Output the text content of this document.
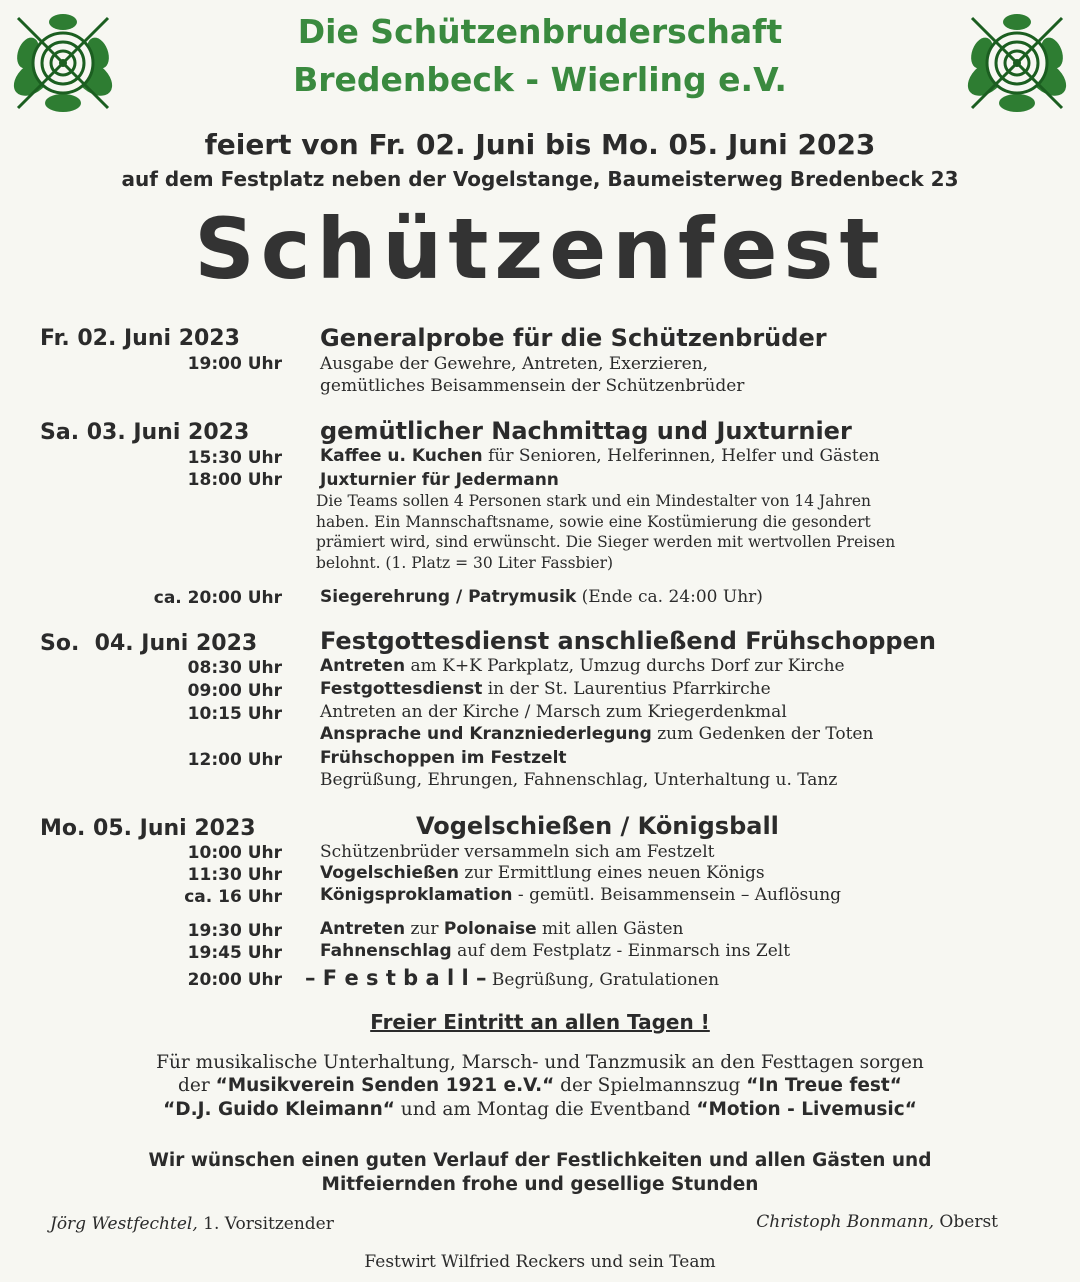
Die Schützenbruderschaft
Bredenbeck - Wierling e.V.
feiert von Fr. 02. Juni bis Mo. 05. Juni 2023
auf dem Festplatz neben der Vogelstange, Baumeisterweg Bredenbeck 23
Schützenfest
Fr. 02. Juni 2023	Generalprobe für die Schützenbrüder
19:00 Uhr Ausgabe der Gewehre, Antreten, Exerzieren,
gemütliches Beisammensein der Schützenbrüder
Sa. 03. Juni 2023	gemütlicher Nachmittag und Juxturnier
15:30 Uhr Kaffee u. Kuchen für Senioren, Helferinnen, Helfer und Gästen
18:00 Uhr Juxturnier für Jedermann
Die Teams sollen 4 Personen stark und ein Mindestalter von 14 Jahren
haben. Ein Mannschaftsname, sowie eine Kostümierung die gesondert
prämiert wird, sind erwünscht. Die Sieger werden mit wertvollen Preisen
belohnt. (1. Platz = 30 Liter Fassbier)
ca. 20:00 Uhr Siegerehrung / Patrymusik (Ende ca. 24:00 Uhr)
So.  04. Juni 2023	Festgottesdienst anschließend Frühschoppen
08:30 Uhr Antreten am K+K Parkplatz, Umzug durchs Dorf zur Kirche
09:00 Uhr Festgottesdienst in der St. Laurentius Pfarrkirche
10:15 Uhr Antreten an der Kirche / Marsch zum Kriegerdenkmal
Ansprache und Kranzniederlegung zum Gedenken der Toten
12:00 Uhr Frühschoppen im Festzelt
Begrüßung, Ehrungen, Fahnenschlag, Unterhaltung u. Tanz
Mo. 05. Juni 2023	Vogelschießen / Königsball
10:00 Uhr Schützenbrüder versammeln sich am Festzelt
11:30 Uhr Vogelschießen zur Ermittlung eines neuen Königs
ca. 16 Uhr Königsproklamation - gemütl. Beisammensein – Auflösung
19:30 Uhr Antreten zur Polonaise mit allen Gästen
19:45 Uhr Fahnenschlag auf dem Festplatz - Einmarsch ins Zelt
20:00 Uhr – F e s t b a l l – Begrüßung, Gratulationen
Freier Eintritt an allen Tagen !
Für musikalische Unterhaltung, Marsch- und Tanzmusik an den Festtagen sorgen
der “Musikverein Senden 1921 e.V.“ der Spielmannszug “In Treue fest“
“D.J. Guido Kleimann“ und am Montag die Eventband “Motion - Livemusic“
Wir wünschen einen guten Verlauf der Festlichkeiten und allen Gästen und
Mitfeiernden frohe und gesellige Stunden
Jörg Westfechtel, 1. Vorsitzender	Christoph Bonmann, Oberst
Festwirt Wilfried Reckers und sein Team
